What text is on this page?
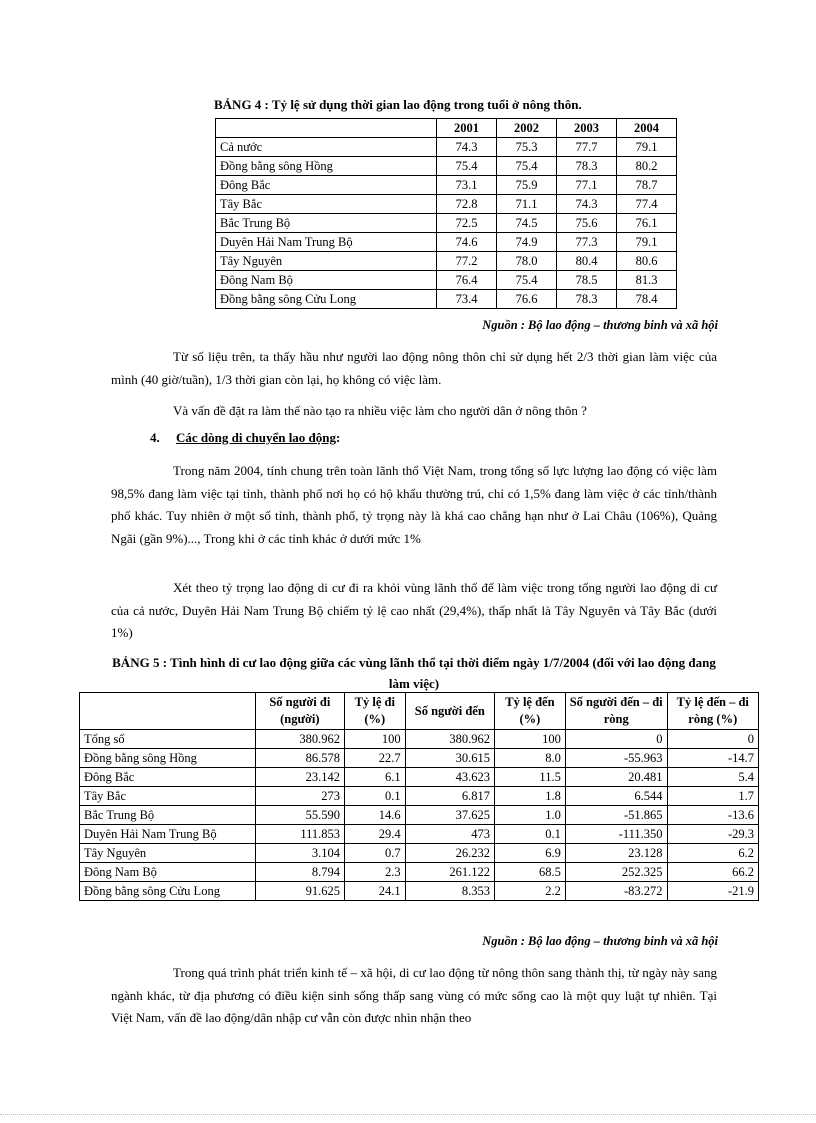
BẢNG 4 : Tỷ lệ sử dụng thời gian lao động trong tuổi ở nông thôn.
	2001	2002	2003	2004
Cả nước	74.3	75.3	77.7	79.1
Đồng bằng sông Hồng	75.4	75.4	78.3	80.2
Đông Bắc	73.1	75.9	77.1	78.7
Tây Bắc	72.8	71.1	74.3	77.4
Bắc Trung Bộ	72.5	74.5	75.6	76.1
Duyên Hải Nam Trung Bộ	74.6	74.9	77.3	79.1
Tây Nguyên	77.2	78.0	80.4	80.6
Đông Nam Bộ	76.4	75.4	78.5	81.3
Đồng bằng sông Cửu Long	73.4	76.6	78.3	78.4
Nguồn : Bộ lao động – thương binh và xã hội
Từ số liệu trên, ta thấy hầu như người lao động nông thôn chỉ sử dụng hết 2/3 thời gian làm việc của mình (40 giờ/tuần), 1/3 thời gian còn lại, họ không có việc làm.
Và vấn đề đặt ra làm thế nào tạo ra nhiều việc làm cho người dân ở nông thôn ?
4. Các dòng di chuyển lao động:
Trong năm 2004, tính chung trên toàn lãnh thổ Việt Nam, trong tổng số lực lượng lao động có việc làm 98,5% đang làm việc tại tỉnh, thành phố nơi họ có hộ khẩu thường trú, chỉ có 1,5% đang làm việc ở các tỉnh/thành phố khác. Tuy nhiên ở một số tỉnh, thành phố, tỷ trọng này là khá cao chẳng hạn như ở Lai Châu (106%), Quảng Ngãi (gần 9%)..., Trong khi ở các tỉnh khác ở dưới mức 1%
Xét theo tỷ trọng lao động di cư đi ra khỏi vùng lãnh thổ để làm việc trong tổng người lao động di cư của cả nước, Duyên Hải Nam Trung Bộ chiếm tỷ lệ cao nhất (29,4%), thấp nhất là Tây Nguyên và Tây Bắc (dưới 1%)
BẢNG 5 : Tình hình di cư lao động giữa các vùng lãnh thổ tại thời điểm ngày 1/7/2004 (đối với lao động đang làm việc)
	Số người đi (người)	Tỷ lệ đi (%)	Số người đến	Tỷ lệ đến (%)	Số người đến – đi ròng	Tỷ lệ đến – đi ròng (%)
Tổng số	380.962	100	380.962	100	0	0
Đồng bằng sông Hồng	86.578	22.7	30.615	8.0	-55.963	-14.7
Đông Bắc	23.142	6.1	43.623	11.5	20.481	5.4
Tây Bắc	273	0.1	6.817	1.8	6.544	1.7
Bắc Trung Bộ	55.590	14.6	37.625	1.0	-51.865	-13.6
Duyên Hải Nam Trung Bộ	111.853	29.4	473	0.1	-111.350	-29.3
Tây Nguyên	3.104	0.7	26.232	6.9	23.128	6.2
Đông Nam Bộ	8.794	2.3	261.122	68.5	252.325	66.2
Đồng bằng sông Cửu Long	91.625	24.1	8.353	2.2	-83.272	-21.9
Nguồn : Bộ lao động – thương binh và xã hội
Trong quá trình phát triển kinh tế – xã hội, di cư lao động từ nông thôn sang thành thị, từ ngày này sang ngành khác, từ địa phương có điều kiện sinh sống thấp sang vùng có mức sống cao là một quy luật tự nhiên. Tại Việt Nam, vấn đề lao động/dân nhập cư vẫn còn được nhìn nhận theo
